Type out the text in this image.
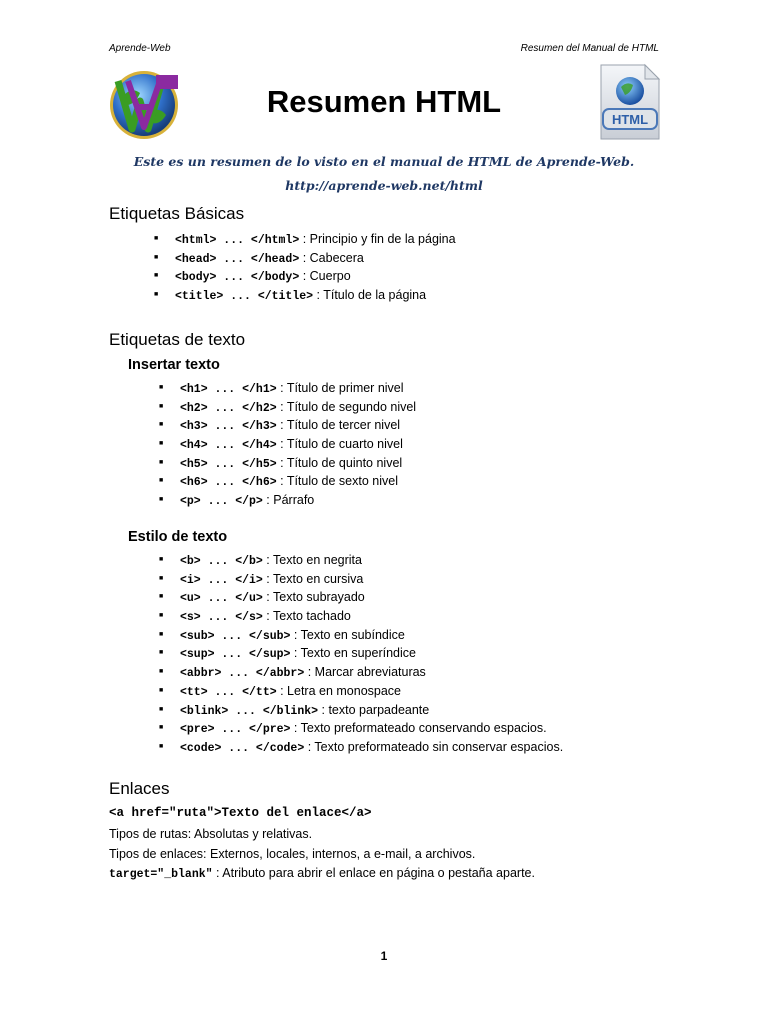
Aprende-Web	Resumen del Manual de HTML
HTML
Resumen HTML
Este es un resumen de lo visto en el manual de HTML de Aprende-Web.
http://aprende-web.net/html
Etiquetas Básicas
■ <html> ... </html> : Principio y fin de la página
■ <head> ... </head> : Cabecera
■ <body> ... </body> : Cuerpo
■ <title> ... </title> : Título de la página
Etiquetas de texto
Insertar texto
■ <h1> ... </h1> : Título de primer nivel
■ <h2> ... </h2> : Título de segundo nivel
■ <h3> ... </h3> : Título de tercer nivel
■ <h4> ... </h4> : Título de cuarto nivel
■ <h5> ... </h5> : Título de quinto nivel
■ <h6> ... </h6> : Título de sexto nivel
■ <p> ... </p> : Párrafo
Estilo de texto
■ <b> ... </b> : Texto en negrita
■ <i> ... </i> : Texto en cursiva
■ <u> ... </u> : Texto subrayado
■ <s> ... </s> : Texto tachado
■ <sub> ... </sub> : Texto en subíndice
■ <sup> ... </sup> : Texto en superíndice
■ <abbr> ... </abbr> : Marcar abreviaturas
■ <tt> ... </tt> : Letra en monospace
■ <blink> ... </blink> : texto parpadeante
■ <pre> ... </pre> : Texto preformateado conservando espacios.
■ <code> ... </code> : Texto preformateado sin conservar espacios.
Enlaces
<a href="ruta">Texto del enlace</a>
Tipos de rutas: Absolutas y relativas.
Tipos de enlaces: Externos, locales, internos, a e-mail, a archivos.
target="_blank" : Atributo para abrir el enlace en página o pestaña aparte.
1
